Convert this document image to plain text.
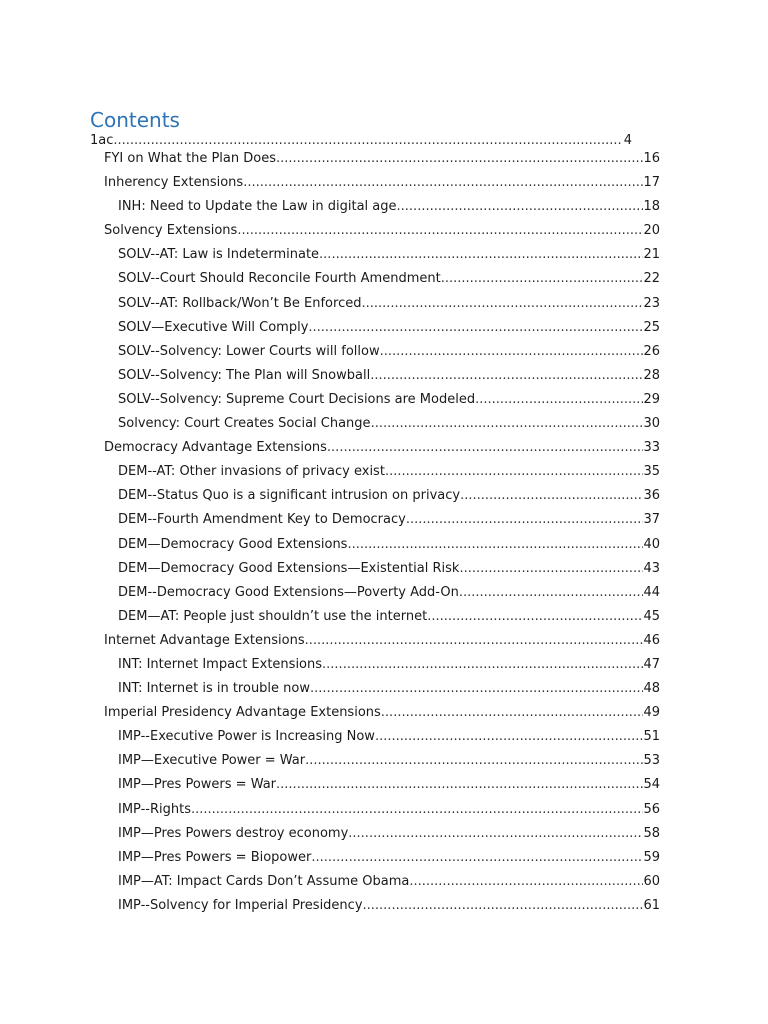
Contents
1ac .....	4
FYI on What the Plan Does .....	16
Inherency Extensions .....	17
INH: Need to Update the Law in digital age .....	18
Solvency Extensions .....	20
SOLV--AT: Law is Indeterminate .....	21
SOLV--Court Should Reconcile Fourth Amendment .....	22
SOLV--AT: Rollback/Won’t Be Enforced .....	23
SOLV—Executive Will Comply .....	25
SOLV--Solvency: Lower Courts will follow .....	26
SOLV--Solvency: The Plan will Snowball .....	28
SOLV--Solvency: Supreme Court Decisions are Modeled .....	29
Solvency: Court Creates Social Change .....	30
Democracy Advantage Extensions .....	33
DEM--AT: Other invasions of privacy exist .....	35
DEM--Status Quo is a significant intrusion on privacy .....	36
DEM--Fourth Amendment Key to Democracy .....	37
DEM—Democracy Good Extensions .....	40
DEM—Democracy Good Extensions—Existential Risk .....	43
DEM--Democracy Good Extensions—Poverty Add-On .....	44
DEM—AT: People just shouldn’t use the internet .....	45
Internet Advantage Extensions .....	46
INT: Internet Impact Extensions .....	47
INT: Internet is in trouble now .....	48
Imperial Presidency Advantage Extensions .....	49
IMP--Executive Power is Increasing Now .....	51
IMP—Executive Power = War .....	53
IMP—Pres Powers = War .....	54
IMP--Rights .....	56
IMP—Pres Powers destroy economy .....	58
IMP—Pres Powers = Biopower .....	59
IMP—AT: Impact Cards Don’t Assume Obama .....	60
IMP--Solvency for Imperial Presidency .....	61
